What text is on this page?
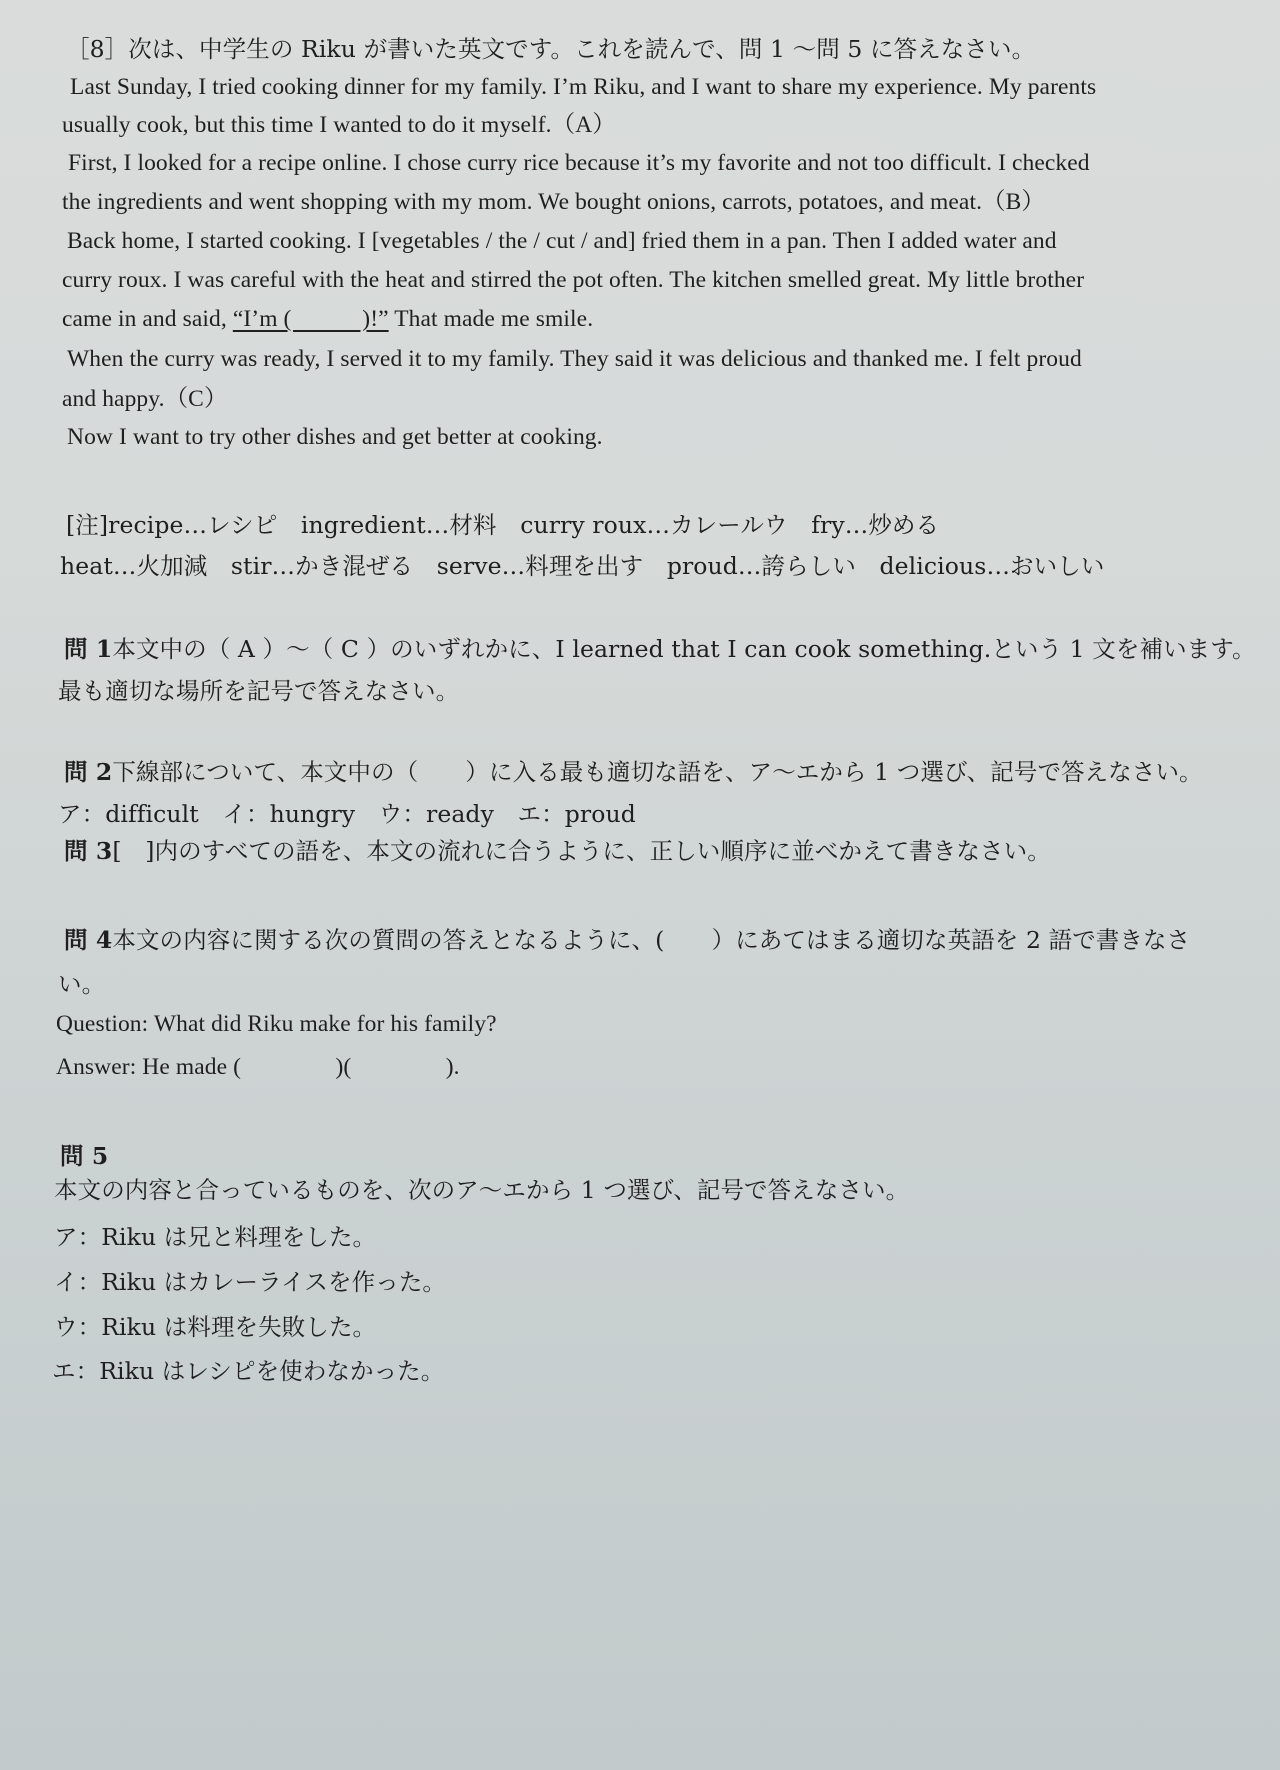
［8］次は、中学生の Riku が書いた英文です。これを読んで、問 1 ～問 5 に答えなさい。
Last Sunday, I tried cooking dinner for my family. I’m Riku, and I want to share my experience. My parents
usually cook, but this time I wanted to do it myself.（A）
First, I looked for a recipe online. I chose curry rice because it’s my favorite and not too difficult. I checked
the ingredients and went shopping with my mom. We bought onions, carrots, potatoes, and meat.（B）
Back home, I started cooking. I [vegetables / the / cut / and] fried them in a pan. Then I added water and
curry roux. I was careful with the heat and stirred the pot often. The kitchen smelled great. My little brother
came in and said, “I’m (　　　)!” That made me smile.
When the curry was ready, I served it to my family. They said it was delicious and thanked me. I felt proud
and happy.（C）
Now I want to try other dishes and get better at cooking.
[注]recipe…レシピ　ingredient…材料　curry roux…カレールウ　fry…炒める
heat…火加減　stir…かき混ぜる　serve…料理を出す　proud…誇らしい　delicious…おいしい
問 1本文中の（ A ）～（ C ）のいずれかに、I learned that I can cook something.という 1 文を補います。
最も適切な場所を記号で答えなさい。
問 2下線部について、本文中の（　　）に入る最も適切な語を、ア～エから 1 つ選び、記号で答えなさい。
ア：difficult　イ：hungry　ウ：ready　エ：proud
問 3[　]内のすべての語を、本文の流れに合うように、正しい順序に並べかえて書きなさい。
問 4本文の内容に関する次の質問の答えとなるように、(　　）にあてはまる適切な英語を 2 語で書きなさ
い。
Question: What did Riku make for his family?
Answer: He made (　　　　)(　　　　).
問 5
本文の内容と合っているものを、次のア～エから 1 つ選び、記号で答えなさい。
ア：Riku は兄と料理をした。
イ：Riku はカレーライスを作った。
ウ：Riku は料理を失敗した。
エ：Riku はレシピを使わなかった。
